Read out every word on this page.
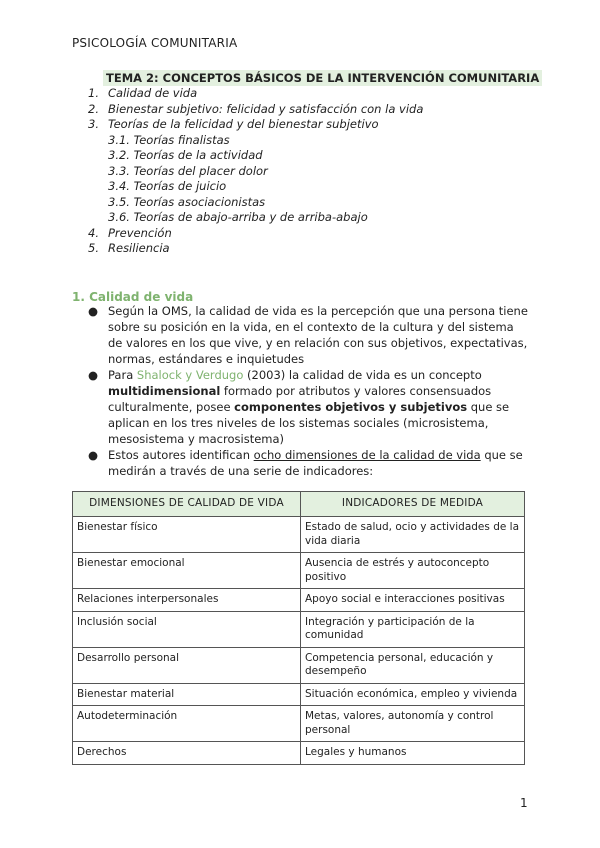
PSICOLOGÍA COMUNITARIA
TEMA 2: CONCEPTOS BÁSICOS DE LA INTERVENCIÓN COMUNITARIA
1. Calidad de vida
2. Bienestar subjetivo: felicidad y satisfacción con la vida
3. Teorías de la felicidad y del bienestar subjetivo
3.1. Teorías finalistas
3.2. Teorías de la actividad
3.3. Teorías del placer dolor
3.4. Teorías de juicio
3.5. Teorías asociacionistas
3.6. Teorías de abajo-arriba y de arriba-abajo
4. Prevención
5. Resiliencia
1. Calidad de vida
● Según la OMS, la calidad de vida es la percepción que una persona tiene sobre su posición en la vida, en el contexto de la cultura y del sistema de valores en los que vive, y en relación con sus objetivos, expectativas, normas, estándares e inquietudes
● Para Shalock y Verdugo (2003) la calidad de vida es un concepto multidimensional formado por atributos y valores consensuados culturalmente, posee componentes objetivos y subjetivos que se aplican en los tres niveles de los sistemas sociales (microsistema, mesosistema y macrosistema)
● Estos autores identifican ocho dimensiones de la calidad de vida que se medirán a través de una serie de indicadores:
DIMENSIONES DE CALIDAD DE VIDA	INDICADORES DE MEDIDA
Bienestar físico	Estado de salud, ocio y actividades de la vida diaria
Bienestar emocional	Ausencia de estrés y autoconcepto positivo
Relaciones interpersonales	Apoyo social e interacciones positivas
Inclusión social	Integración y participación de la comunidad
Desarrollo personal	Competencia personal, educación y desempeño
Bienestar material	Situación económica, empleo y vivienda
Autodeterminación	Metas, valores, autonomía y control personal
Derechos	Legales y humanos
1
